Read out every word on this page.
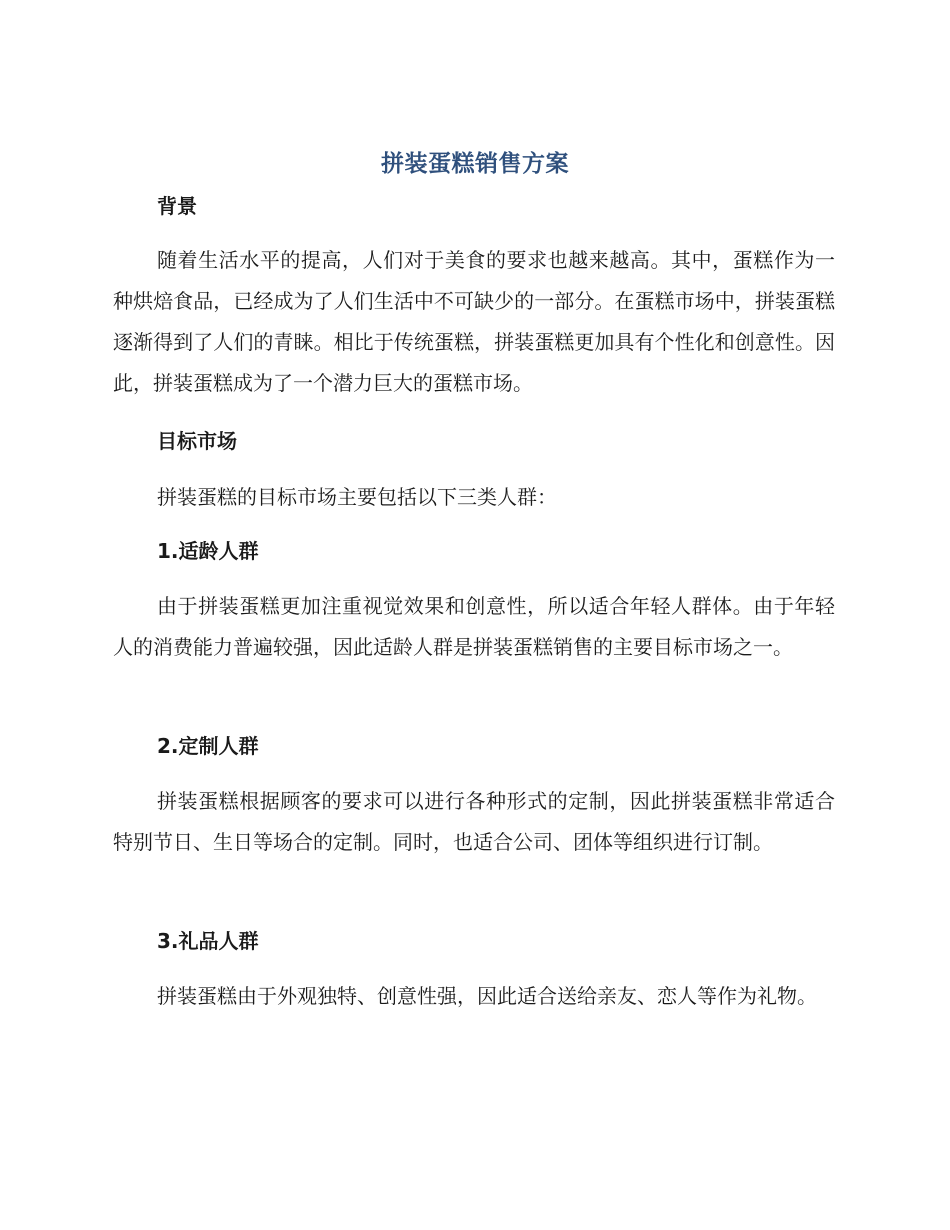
拼装蛋糕销售方案
背景
随着生活水平的提高，人们对于美食的要求也越来越高。其中，蛋糕作为一种烘焙食品，已经成为了人们生活中不可缺少的一部分。在蛋糕市场中，拼装蛋糕逐渐得到了人们的青睐。相比于传统蛋糕，拼装蛋糕更加具有个性化和创意性。因此，拼装蛋糕成为了一个潜力巨大的蛋糕市场。
目标市场
拼装蛋糕的目标市场主要包括以下三类人群：
1.适龄人群
由于拼装蛋糕更加注重视觉效果和创意性，所以适合年轻人群体。由于年轻人的消费能力普遍较强，因此适龄人群是拼装蛋糕销售的主要目标市场之一。
2.定制人群
拼装蛋糕根据顾客的要求可以进行各种形式的定制，因此拼装蛋糕非常适合特别节日、生日等场合的定制。同时，也适合公司、团体等组织进行订制。
3.礼品人群
拼装蛋糕由于外观独特、创意性强，因此适合送给亲友、恋人等作为礼物。
